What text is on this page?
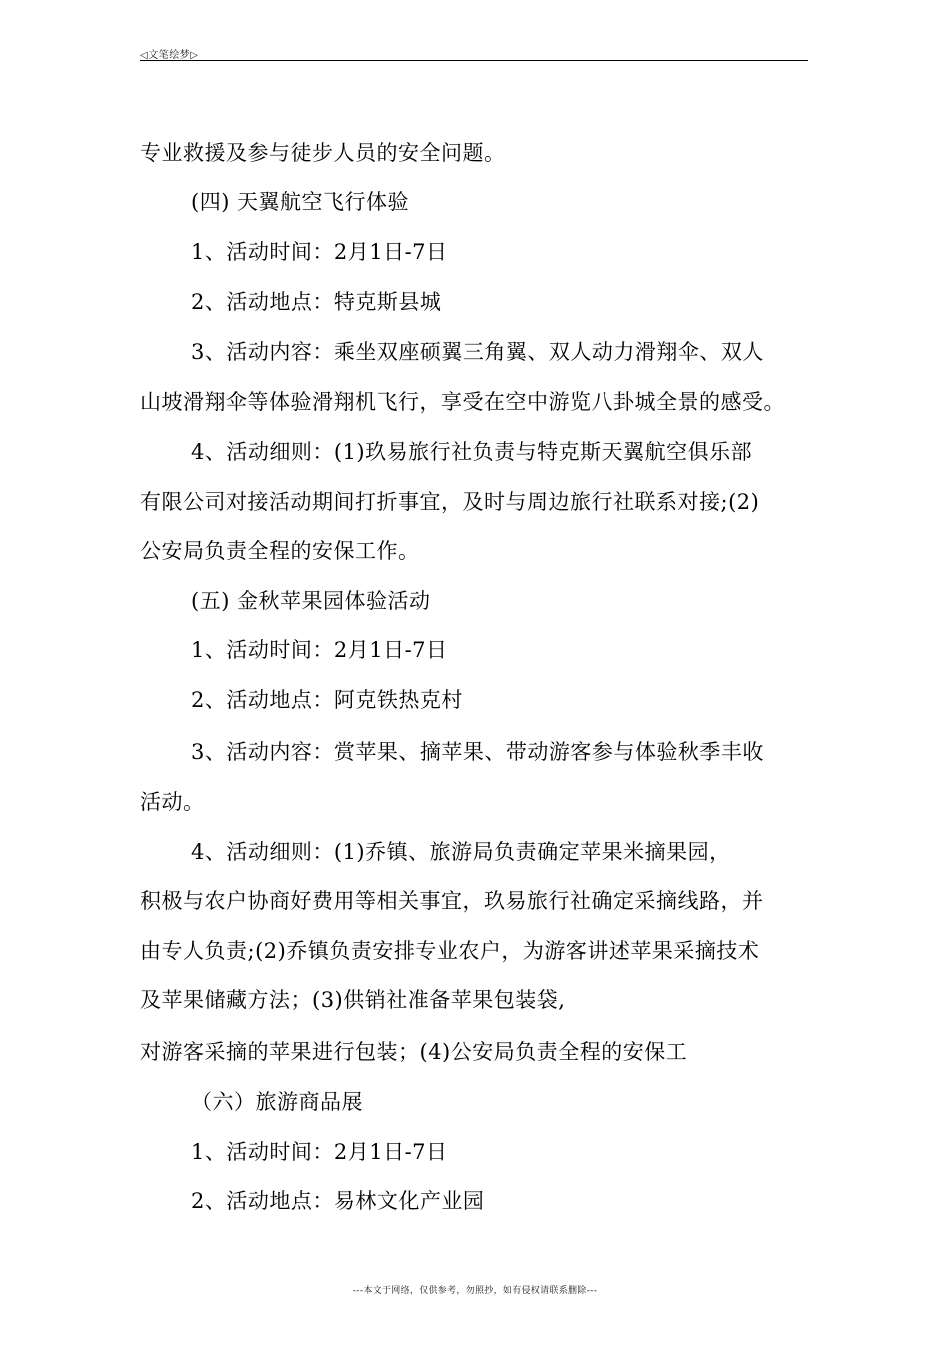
◁文笔绘梦▷
专业救援及参与徒步人员的安全问题。
(四) 天翼航空飞行体验
1、活动时间：2月1日-7日
2、活动地点：特克斯县城
3、活动内容：乘坐双座硕翼三角翼、双人动力滑翔伞、双人
山坡滑翔伞等体验滑翔机飞行，享受在空中游览八卦城全景的感受。
4、活动细则：(1)玖易旅行社负责与特克斯天翼航空俱乐部
有限公司对接活动期间打折事宜，及时与周边旅行社联系对接;(2)
公安局负责全程的安保工作。
(五) 金秋苹果园体验活动
1、活动时间：2月1日-7日
2、活动地点：阿克铁热克村
3、活动内容：赏苹果、摘苹果、带动游客参与体验秋季丰收
活动。
4、活动细则：(1)乔镇、旅游局负责确定苹果米摘果园，
积极与农户协商好费用等相关事宜，玖易旅行社确定采摘线路，并
由专人负责;(2)乔镇负责安排专业农户，为游客讲述苹果采摘技术
及苹果储藏方法；(3)供销社准备苹果包装袋,
对游客采摘的苹果进行包装；(4)公安局负责全程的安保工
（六）旅游商品展
1、活动时间：2月1日-7日
2、活动地点：易林文化产业园
---本文于网络，仅供参考，勿照抄，如有侵权请联系删除---
